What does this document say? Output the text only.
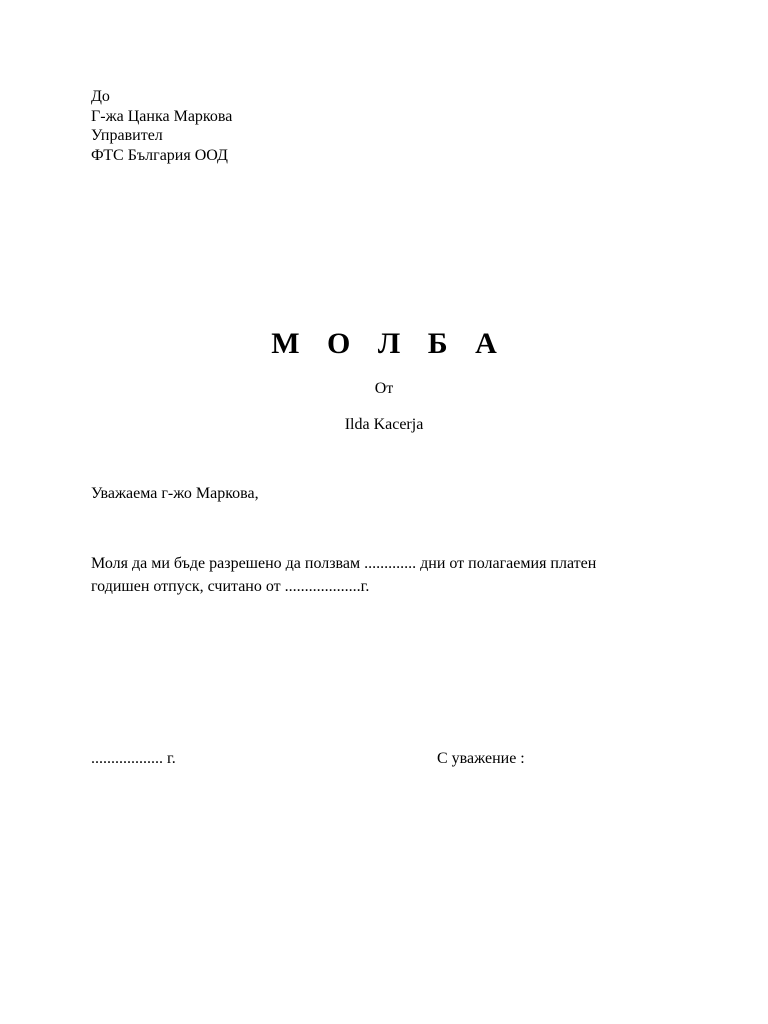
До
Г-жа Цанка Маркова
Управител
ФТС България ООД
М О Л Б А
От
Ilda Kacerja
Уважаема г-жо Маркова,
Моля да ми бъде разрешено да ползвам ............. дни от полагаемия платен
годишен отпуск, считано от ...................г.
.................. г.	С уважение :
